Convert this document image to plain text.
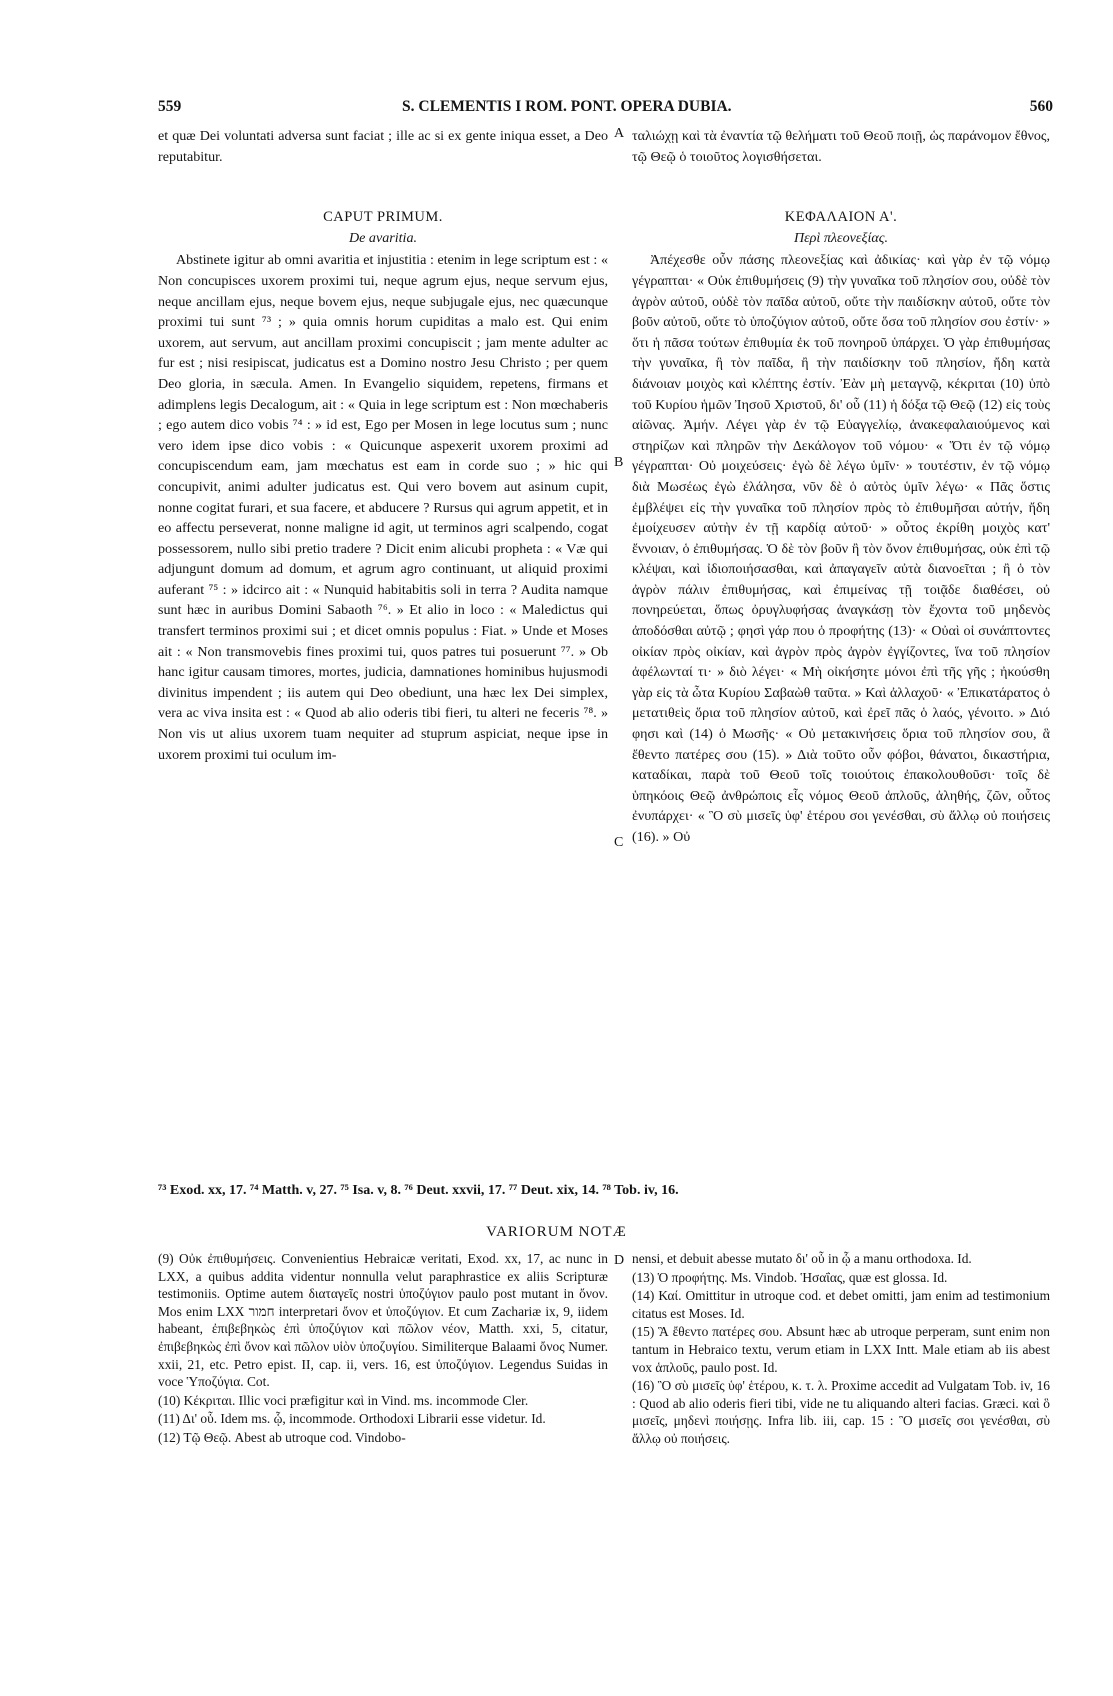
559	S. CLEMENTIS I ROM. PONT. OPERA DUBIA.	560
A
B
C
D

et quæ Dei voluntati adversa sunt faciat ; ille ac si ex gente iniqua esset, a Deo reputabitur.

CAPUT PRIMUM.
De avaritia.

Abstinete igitur ab omni avaritia et injustitia : etenim in lege scriptum est : « Non concupisces uxorem proximi tui, neque agrum ejus, neque servum ejus, neque ancillam ejus, neque bovem ejus, neque subjugale ejus, nec quæcunque proximi tui sunt ⁷³ ; » quia omnis horum cupiditas a malo est. Qui enim uxorem, aut servum, aut ancillam proximi concupiscit ; jam mente adulter ac fur est ; nisi resipiscat, judicatus est a Domino nostro Jesu Christo ; per quem Deo gloria, in sæcula. Amen. In Evangelio siquidem, repetens, firmans et adimplens legis Decalogum, ait : « Quia in lege scriptum est : Non mœchaberis ; ego autem dico vobis ⁷⁴ : » id est, Ego per Mosen in lege locutus sum ; nunc vero idem ipse dico vobis : « Quicunque aspexerit uxorem proximi ad concupiscendum eam, jam mœchatus est eam in corde suo ; » hic qui concupivit, animi adulter judicatus est. Qui vero bovem aut asinum cupit, nonne cogitat furari, et sua facere, et abducere ? Rursus qui agrum appetit, et in eo affectu perseverat, nonne maligne id agit, ut terminos agri scalpendo, cogat possessorem, nullo sibi pretio tradere ? Dicit enim alicubi propheta : « Væ qui adjungunt domum ad domum, et agrum agro continuant, ut aliquid proximi auferant ⁷⁵ : » idcirco ait : « Nunquid habitabitis soli in terra ? Audita namque sunt hæc in auribus Domini Sabaoth ⁷⁶. » Et alio in loco : « Maledictus qui transfert terminos proximi sui ; et dicet omnis populus : Fiat. » Unde et Moses ait : « Non transmovebis fines proximi tui, quos patres tui posuerunt ⁷⁷. » Ob hanc igitur causam timores, mortes, judicia, damnationes hominibus hujusmodi divinitus impendent ; iis autem qui Deo obediunt, una hæc lex Dei simplex, vera ac viva insita est : « Quod ab alio oderis tibi fieri, tu alteri ne feceris ⁷⁸. » Non vis ut alius uxorem tuam nequiter ad stuprum aspiciat, neque ipse in uxorem proximi tui oculum im-

ταλιώχῃ καὶ τὰ ἐναντία τῷ θελήματι τοῦ Θεοῦ ποιῇ, ὡς παράνομον ἔθνος, τῷ Θεῷ ὁ τοιοῦτος λογισθήσεται.

ΚΕΦΑΛΑΙΟΝ Α'.
Περὶ πλεονεξίας.

Ἀπέχεσθε οὖν πάσης πλεονεξίας καὶ ἀδικίας· καὶ γὰρ ἐν τῷ νόμῳ γέγραπται· « Οὐκ ἐπιθυμήσεις (9) τὴν γυναῖκα τοῦ πλησίον σου, οὐδὲ τὸν ἀγρὸν αὐτοῦ, οὐδὲ τὸν παῖδα αὐτοῦ, οὔτε τὴν παιδίσκην αὐτοῦ, οὔτε τὸν βοῦν αὐτοῦ, οὔτε τὸ ὑποζύγιον αὐτοῦ, οὔτε ὅσα τοῦ πλησίον σου ἐστίν· » ὅτι ἡ πᾶσα τούτων ἐπιθυμία ἐκ τοῦ πονηροῦ ὑπάρχει. Ὁ γὰρ ἐπιθυμήσας τὴν γυναῖκα, ἢ τὸν παῖδα, ἢ τὴν παιδίσκην τοῦ πλησίον, ἤδη κατὰ διάνοιαν μοιχὸς καὶ κλέπτης ἐστίν. Ἐὰν μὴ μεταγνῷ, κέκριται (10) ὑπὸ τοῦ Κυρίου ἡμῶν Ἰησοῦ Χριστοῦ, δι' οὗ (11) ἡ δόξα τῷ Θεῷ (12) εἰς τοὺς αἰῶνας. Ἀμήν. Λέγει γὰρ ἐν τῷ Εὐαγγελίῳ, ἀνακεφαλαιούμενος καὶ στηρίζων καὶ πληρῶν τὴν Δεκάλογον τοῦ νόμου· « Ὅτι ἐν τῷ νόμῳ γέγραπται· Οὐ μοιχεύσεις· ἐγὼ δὲ λέγω ὑμῖν· » τουτέστιν, ἐν τῷ νόμῳ διὰ Μωσέως ἐγὼ ἐλάλησα, νῦν δὲ ὁ αὐτὸς ὑμῖν λέγω· « Πᾶς ὅστις ἐμβλέψει εἰς τὴν γυναῖκα τοῦ πλησίον πρὸς τὸ ἐπιθυμῆσαι αὐτήν, ἤδη ἐμοίχευσεν αὐτὴν ἐν τῇ καρδίᾳ αὐτοῦ· » οὗτος ἐκρίθη μοιχὸς κατ' ἔννοιαν, ὁ ἐπιθυμήσας. Ὁ δὲ τὸν βοῦν ἢ τὸν ὄνον ἐπιθυμήσας, οὐκ ἐπὶ τῷ κλέψαι, καὶ ἰδιοποιήσασθαι, καὶ ἀπαγαγεῖν αὐτὰ διανοεῖται ; ἢ ὁ τὸν ἀγρὸν πάλιν ἐπιθυμήσας, καὶ ἐπιμείνας τῇ τοιᾷδε διαθέσει, οὐ πονηρεύεται, ὅπως ὀρυγλυφήσας ἀναγκάσῃ τὸν ἔχοντα τοῦ μηδενὸς ἀποδόσθαι αὐτῷ ; φησὶ γάρ που ὁ προφήτης (13)· « Οὐαὶ οἱ συνάπτοντες οἰκίαν πρὸς οἰκίαν, καὶ ἀγρὸν πρὸς ἀγρὸν ἐγγίζοντες, ἵνα τοῦ πλησίον ἀφέλωνταί τι· » διὸ λέγει· « Μὴ οἰκήσητε μόνοι ἐπὶ τῆς γῆς ; ἠκούσθη γὰρ εἰς τὰ ὦτα Κυρίου Σαβαὼθ ταῦτα. » Καὶ ἀλλαχοῦ· « Ἐπικατάρατος ὁ μετατιθεὶς ὅρια τοῦ πλησίον αὐτοῦ, καὶ ἐρεῖ πᾶς ὁ λαός, γένοιτο. » Διό φησι καὶ (14) ὁ Μωσῆς· « Οὐ μετακινήσεις ὅρια τοῦ πλησίον σου, ἃ ἔθεντο πατέρες σου (15). » Διὰ τοῦτο οὖν φόβοι, θάνατοι, δικαστήρια, καταδίκαι, παρὰ τοῦ Θεοῦ τοῖς τοιούτοις ἐπακολουθοῦσι· τοῖς δὲ ὑπηκόοις Θεῷ ἀνθρώποις εἷς νόμος Θεοῦ ἁπλοῦς, ἀληθής, ζῶν, οὗτος ἐνυπάρχει· « Ὃ σὺ μισεῖς ὑφ' ἑτέρου σοι γενέσθαι, σὺ ἄλλῳ οὐ ποιήσεις (16). » Οὐ

⁷³ Exod. xx, 17. ⁷⁴ Matth. v, 27. ⁷⁵ Isa. v, 8. ⁷⁶ Deut. xxvii, 17. ⁷⁷ Deut. xix, 14. ⁷⁸ Tob. iv, 16.
VARIORUM NOTÆ

(9) Οὐκ ἐπιθυμήσεις. Convenientius Hebraicæ veritati, Exod. xx, 17, ac nunc in LXX, a quibus addita videntur nonnulla velut paraphrastice ex aliis Scripturæ testimoniis. Optime autem διαταγεῖς nostri ὑποζύγιον paulo post mutant in ὄνον. Mos enim LXX חמור interpretari ὄνον et ὑποζύγιον. Et cum Zachariæ ix, 9, iidem habeant, ἐπιβεβηκὼς ἐπὶ ὑποζύγιον καὶ πῶλον νέον, Matth. xxi, 5, citatur, ἐπιβεβηκὼς ἐπὶ ὄνον καὶ πῶλον υἱὸν ὑποζυγίου. Similiterque Balaami ὄνος Numer. xxii, 21, etc. Petro epist. II, cap. ii, vers. 16, est ὑποζύγιον. Legendus Suidas in voce Ὑποζύγια. Cot.

(10) Κέκριται. Illic voci præfigitur καὶ in Vind. ms. incommode Cler.

(11) Δι' οὗ. Idem ms. ᾧ, incommode. Orthodoxi Librarii esse videtur. Id.

(12) Τῷ Θεῷ. Abest ab utroque cod. Vindobo-

nensi, et debuit abesse mutato δι' οὗ in ᾧ a manu orthodoxa. Id.

(13) Ὁ προφήτης. Ms. Vindob. Ἡσαΐας, quæ est glossa. Id.

(14) Καί. Omittitur in utroque cod. et debet omitti, jam enim ad testimonium citatus est Moses. Id.

(15) Ἃ ἔθεντο πατέρες σου. Absunt hæc ab utroque perperam, sunt enim non tantum in Hebraico textu, verum etiam in LXX Intt. Male etiam ab iis abest vox ἁπλοῦς, paulo post. Id.

(16) Ὃ σὺ μισεῖς ὑφ' ἑτέρου, κ. τ. λ. Proxime accedit ad Vulgatam Tob. iv, 16 : Quod ab alio oderis fieri tibi, vide ne tu aliquando alteri facias. Græci. καὶ ὃ μισεῖς, μηδενὶ ποιήσῃς. Infra lib. iii, cap. 15 : Ὃ μισεῖς σοι γενέσθαι, σὺ ἄλλῳ οὐ ποιήσεις.
